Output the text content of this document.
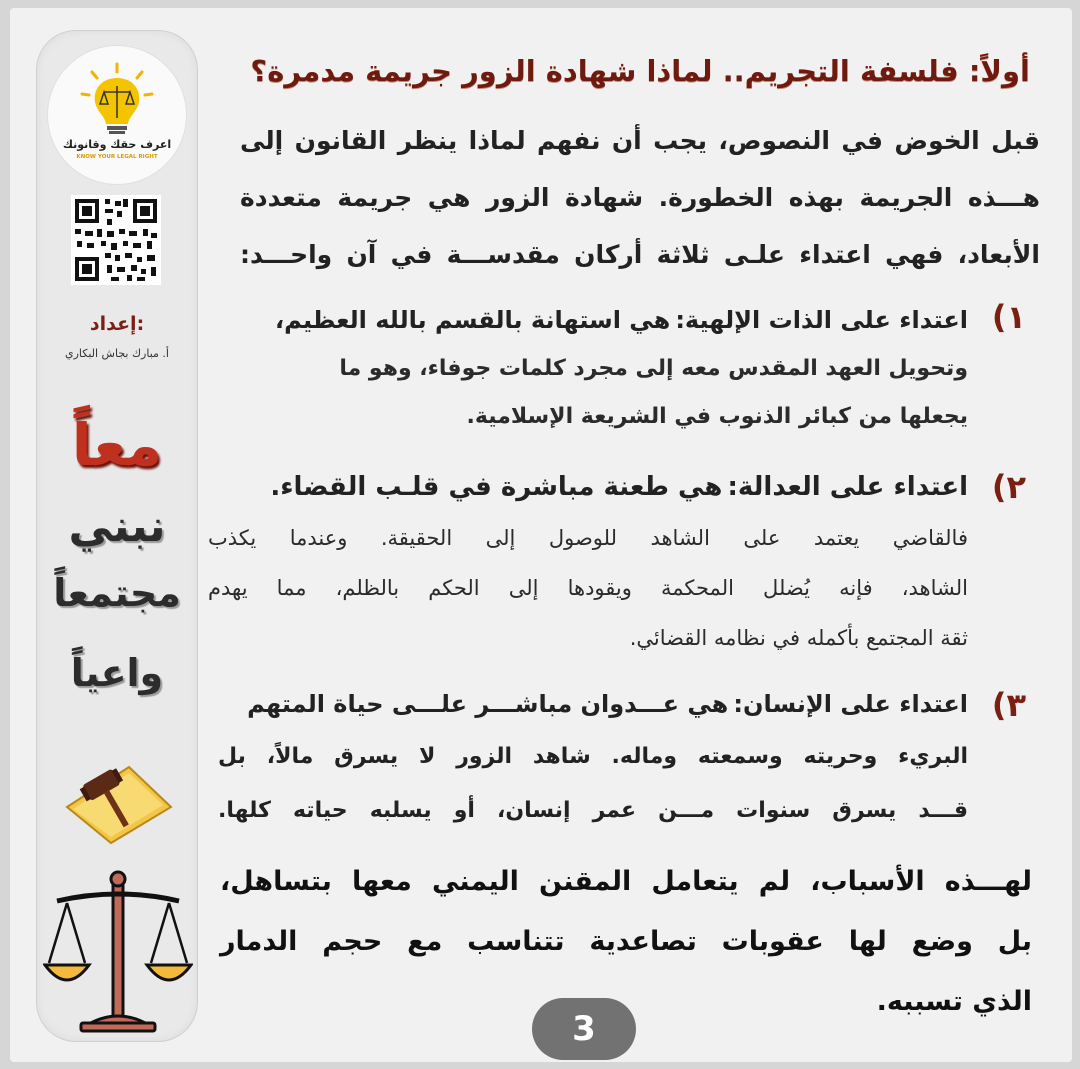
اعرف حقك وقانونك
KNOW YOUR LEGAL RIGHT
إعداد:
أ. مبارك بجاش البكاري
معاً
نبني
مجتمعاً
واعياً
أولاً: فلسفة التجريم.. لماذا شهادة الزور جريمة مدمرة؟
قبل الخوض في النصوص، يجب أن نفهم لماذا ينظر القانون إلى
هـــذه الجريمة بهذه الخطورة. شهادة الزور هي جريمة متعددة
الأبعاد، فهي اعتداء علـى ثلاثة أركان مقدســـة في آن واحـــد:
١)
اعتداء على الذات الإلهية: هي استهانة بالقسم بالله العظيم،
وتحويل العهد المقدس معه إلى مجرد كلمات جوفاء، وهو ما
يجعلها من كبائر الذنوب في الشريعة الإسلامية.
٢)
اعتداء على العدالة: هي طعنة مباشرة في قلـب القضاء.
فالقاضي يعتمد على الشاهد للوصول إلى الحقيقة. وعندما يكذب
الشاهد، فإنه يُضلل المحكمة ويقودها إلى الحكم بالظلم، مما يهدم
ثقة المجتمع بأكمله في نظامه القضائي.
٣)
اعتداء على الإنسان: هي عـــدوان مباشـــر علـــى حياة المتهم
البريء وحريته وسمعته وماله. شاهد الزور لا يسرق مالاً، بل
قـــد يسرق سنوات مـــن عمر إنسان، أو يسلبه حياته كلها.
لهـــذه الأسباب، لم يتعامل المقنن اليمني معها بتساهل،
بل وضع لها عقوبات تصاعدية تتناسب مع حجم الدمار
الذي تسببه.
3
